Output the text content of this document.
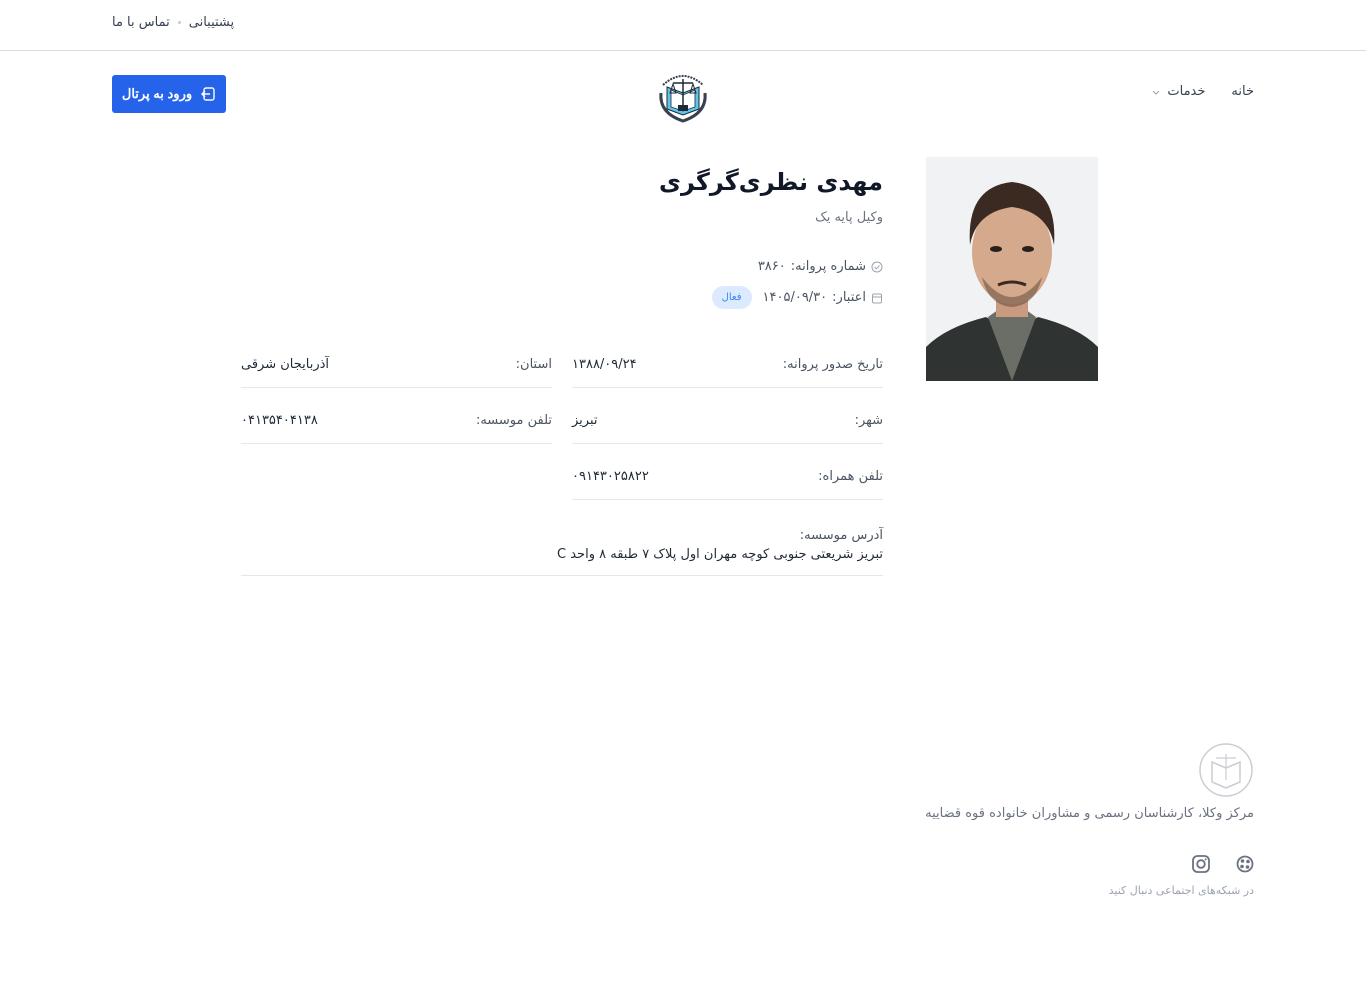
پشتیبانی
تماس با ما
خانه
خدمات
ورود به پرتال
مهدی نظری‌گرگری
وکیل پایه یک
شماره پروانه:
۳۸۶۰
اعتبار:
۱۴۰۵/۰۹/۳۰
فعال
تاریخ صدور پروانه:
۱۳۸۸/۰۹/۲۴
استان:
آذربایجان شرقی
شهر:
تبریز
تلفن موسسه:
۰۴۱۳۵۴۰۴۱۳۸
تلفن همراه:
۰۹۱۴۳۰۲۵۸۲۲
آدرس موسسه:
تبریز شریعتی جنوبی کوچه مهران اول پلاک ۷ طبقه ۸ واحد C
مرکز وکلا، کارشناسان رسمی و مشاوران خانواده قوه قضاییه
در شبکه‌های اجتماعی دنبال کنید
